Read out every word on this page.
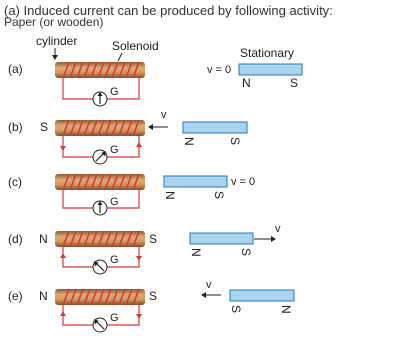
(a) Induced current can be produced by following activity:
Paper (or wooden)
cylinder	Solenoid	Stationary
(a)
G
v = 0
N	S
(b) S
G
v
N	S
(c)
G
v = 0
N	S
(d) N	S
G
v
N	S
(e) N	S
G
v
S	N
